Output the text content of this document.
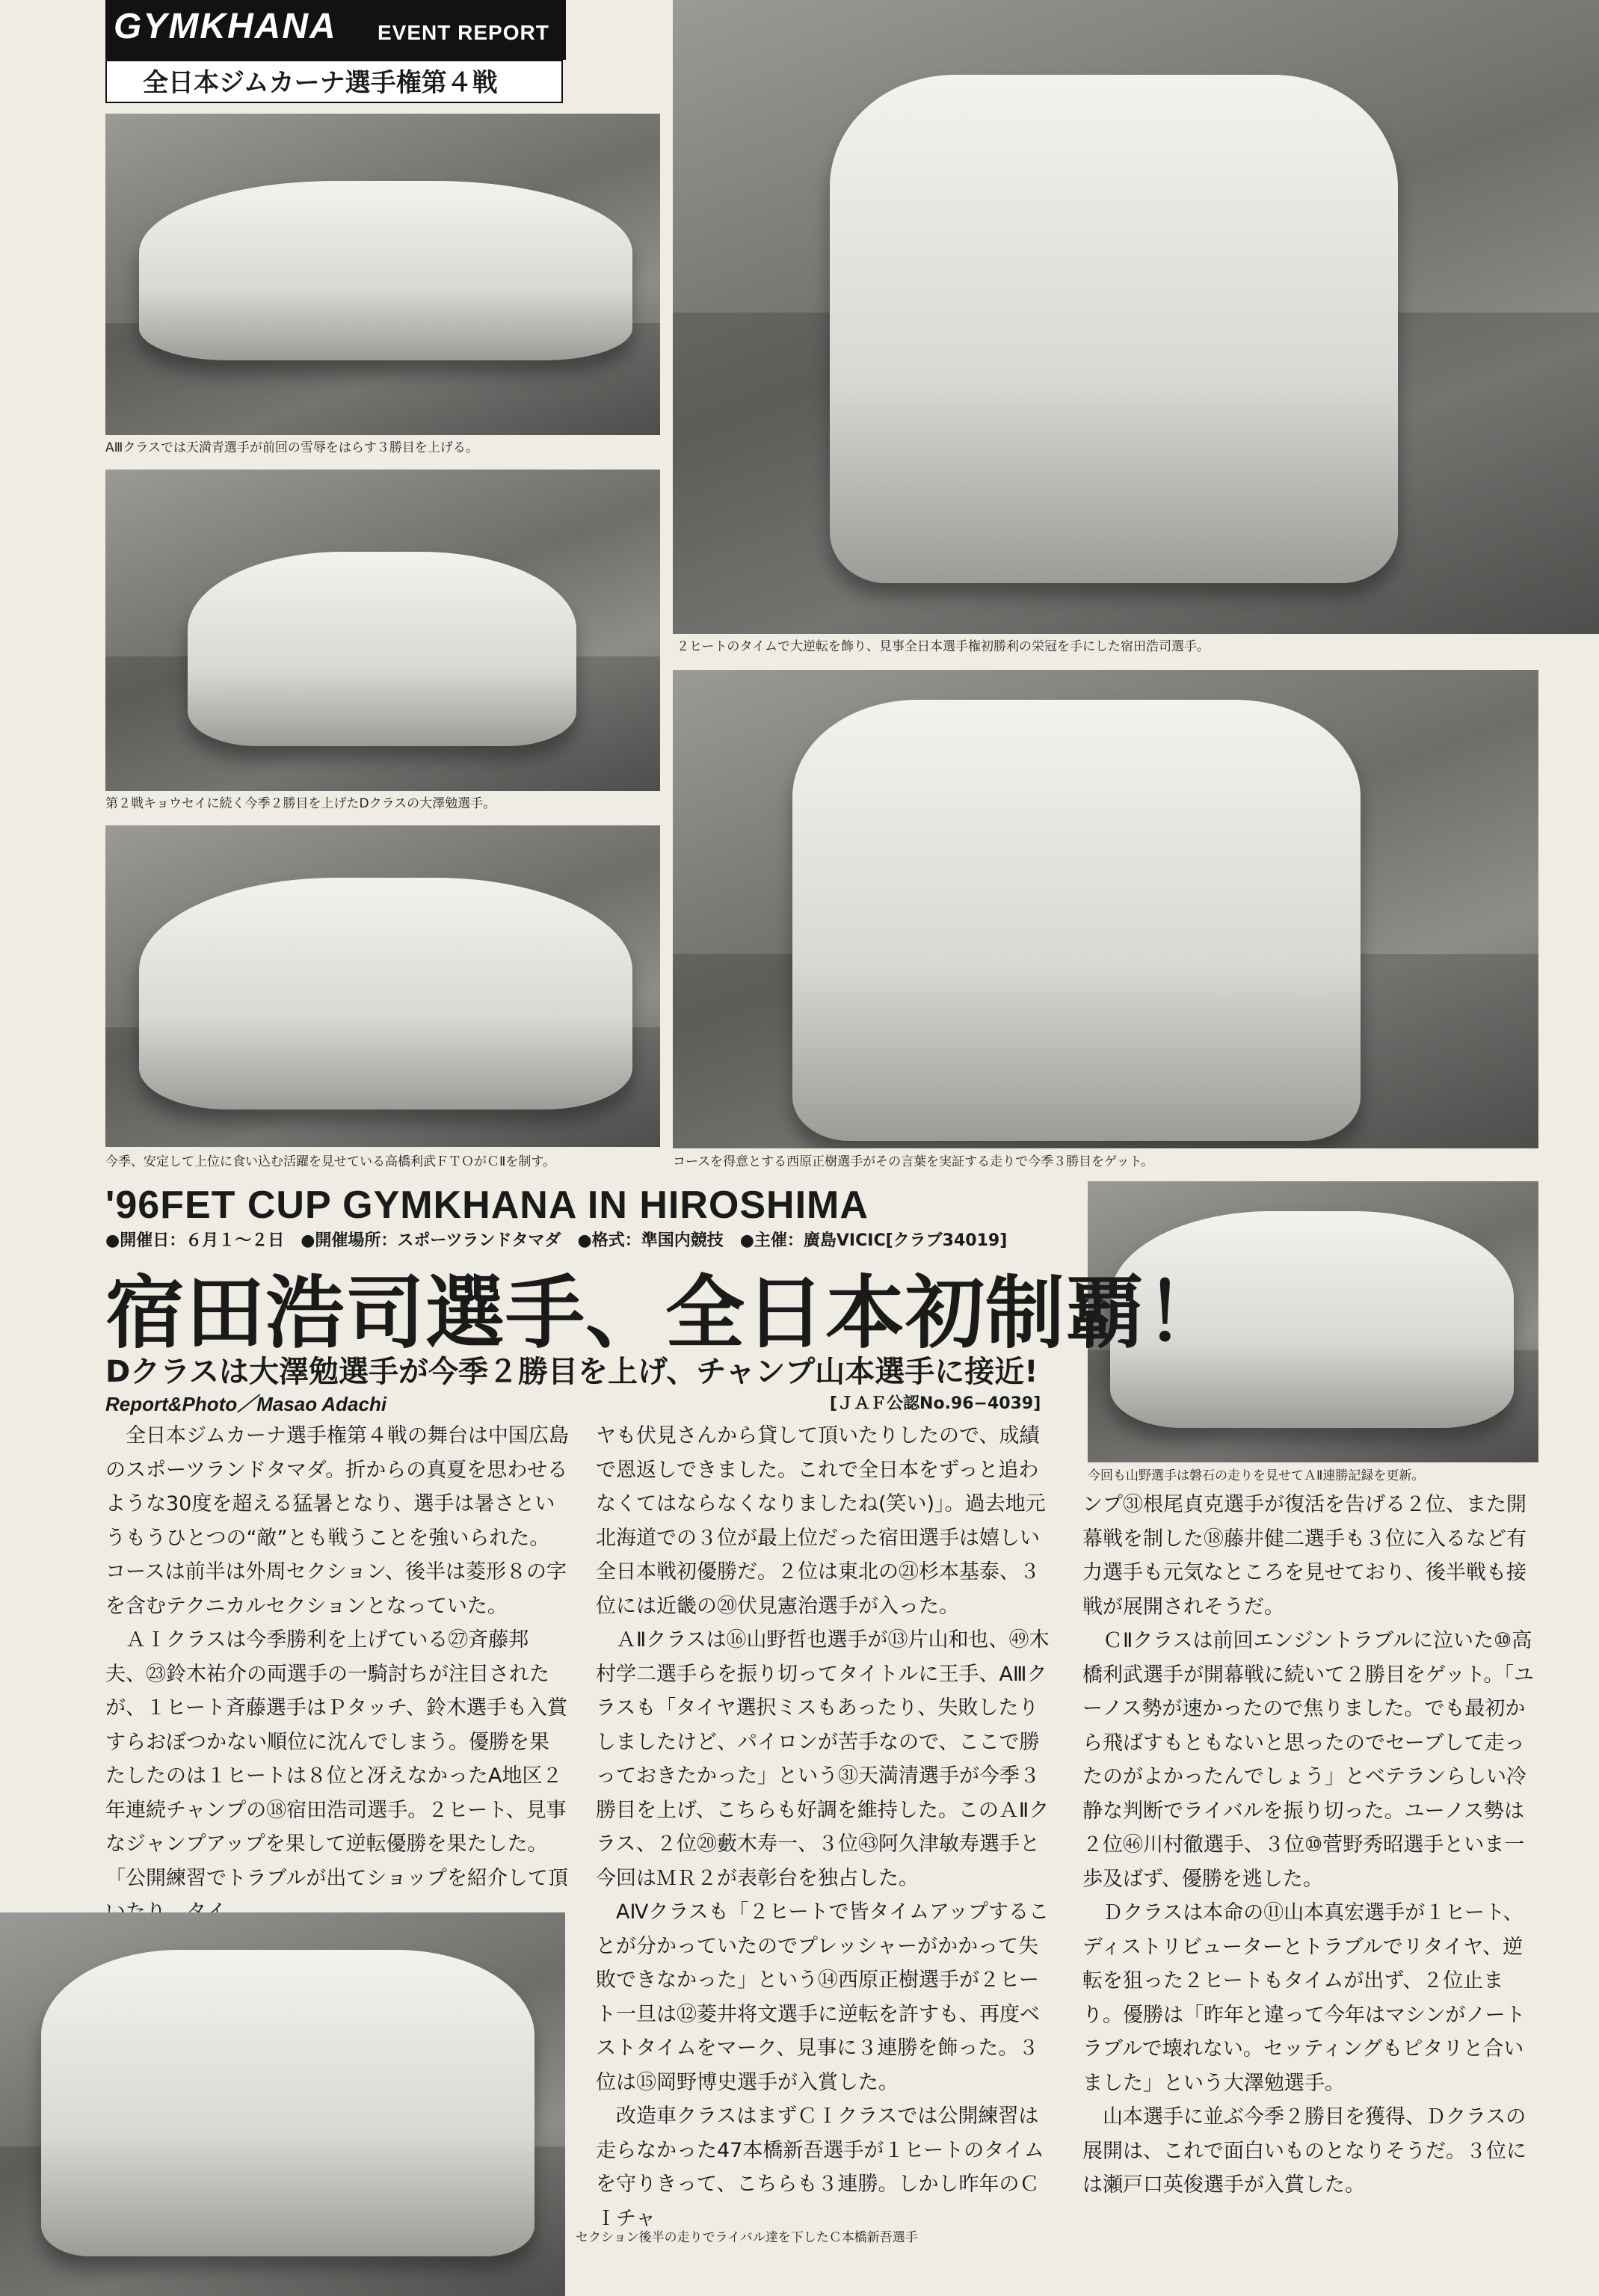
GYMKHANA EVENT REPORT
全日本ジムカーナ選手権第４戦
AⅢクラスでは天満青選手が前回の雪辱をはらす３勝目を上げる。
２ヒートのタイムで大逆転を飾り、見事全日本選手権初勝利の栄冠を手にした宿田浩司選手。
第２戦キョウセイに続く今季２勝目を上げたDクラスの大澤勉選手。
今季、安定して上位に食い込む活躍を見せている高橋利武ＦＴＯがＣⅡを制す。	コースを得意とする西原正樹選手がその言葉を実証する走りで今季３勝目をゲット。
今回も山野選手は磐石の走りを見せてＡⅡ連勝記録を更新。
'96FET CUP GYMKHANA IN HIROSHIMA
●開催日：６月１〜２日　●開催場所：スポーツランドタマダ　●格式：準国内競技　●主催：廣島VICIC[クラブ34019]
宿田浩司選手、全日本初制覇！
Dクラスは大澤勉選手が今季２勝目を上げ、チャンプ山本選手に接近!
Report&Photo／Masao Adachi	[ＪＡＦ公認No.96−4039]

全日本ジムカーナ選手権第４戦の舞台は中国広島のスポーツランドタマダ。折からの真夏を思わせるような30度を超える猛暑となり、選手は暑さというもうひとつの“敵”とも戦うことを強いられた。コースは前半は外周セクション、後半は菱形８の字を含むテクニカルセクションとなっていた。

ＡＩクラスは今季勝利を上げている㉗斉藤邦夫、㉓鈴木祐介の両選手の一騎討ちが注目されたが、１ヒート斉藤選手はＰタッチ、鈴木選手も入賞すらおぼつかない順位に沈んでしまう。優勝を果たしたのは１ヒートは８位と冴えなかったA地区２年連続チャンプの⑱宿田浩司選手。２ヒート、見事なジャンプアップを果して逆転優勝を果たした。「公開練習でトラブルが出てショップを紹介して頂

ヤも伏見さんから貸して頂いたりしたので、成績で恩返しできました。これで全日本をずっと追わなくてはならなくなりましたね(笑い)」。過去地元北海道での３位が最上位だった宿田選手は嬉しい全日本戦初優勝だ。２位は東北の㉑杉本基泰、３位には近畿の⑳伏見憲治選手が入った。

ＡⅡクラスは⑯山野哲也選手が⑬片山和也、㊾木村学二選手らを振り切ってタイトルに王手、AⅢクラスも「タイヤ選択ミスもあったり、失敗したりしましたけど、パイロンが苦手なので、ここで勝っておきたかった」という㉛天満清選手が今季３勝目を上げ、こちらも好調を維持した。このＡⅡクラス、２位⑳藪木寿一、３位㊸阿久津敏寿選手と今回はＭＲ２が表彰台を独占した。

AⅣクラスも「２ヒートで皆タイムアップすることが分かっていたのでプレッシャーがかかって失敗できなかった」という⑭西原正樹選手が２ヒート一旦は⑫菱井将文選手に逆転を許すも、再度ベストタイムをマーク、見事に３連勝を飾った。３位は⑮岡野博史選手が入賞した。

改造車クラスはまずＣＩクラスでは公開練習は走らなかった47本橋新吾選手が１ヒートのタイムを守りきって、こちらも３連勝。しかし昨年のＣＩチャ

ンプ㉛根尾貞克選手が復活を告げる２位、また開幕戦を制した⑱藤井健二選手も３位に入るなど有力選手も元気なところを見せており、後半戦も接戦が展開されそうだ。

ＣⅡクラスは前回エンジントラブルに泣いた⑩高橋利武選手が開幕戦に続いて２勝目をゲット。「ユーノス勢が速かったので焦りました。でも最初から飛ばすもともないと思ったのでセーブして走ったのがよかったんでしょう」とベテランらしい冷静な判断でライバルを振り切った。ユーノス勢は２位㊻川村徹選手、３位⑩菅野秀昭選手といま一歩及ばず、優勝を逃した。

Ｄクラスは本命の⑪山本真宏選手が１ヒート、ディストリビューターとトラブルでリタイヤ、逆転を狙った２ヒートもタイムが出ず、２位止まり。優勝は「昨年と違って今年はマシンがノートラブルで壊れない。セッティングもピタリと合いました」という大澤勉選手。

山本選手に並ぶ今季２勝目を獲得、Ｄクラスの展開は、これで面白いものとなりそうだ。３位には瀬戸口英俊選手が入賞した。

セクション後半の走りでライバル達を下したＣ本橋新吾選手
